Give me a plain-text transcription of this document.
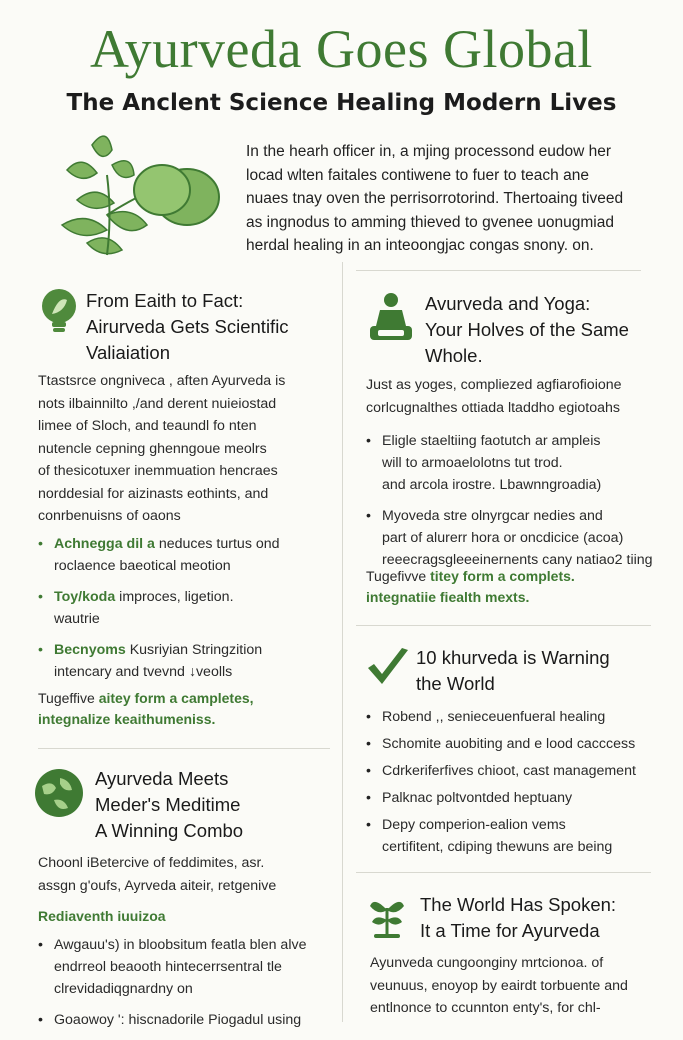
Ayurveda Goes Global
The Anclent Science Healing Modern Lives
In the hearh officer in, a mjing processond eudow her
locad wlten faitales contiwene to fuer to teach ane
nuaes tnay oven the perrisorrotorind. Thertoaing tiveed
as ingnodus to amming thieved to gvenee uonugmiad
herdal healing in an inteoongjac congas snony. on.
From Eaith to Fact:
Airurveda Gets Scientific
Valiaiation
Ttastsrce ongniveca , aften Ayurveda is
nots ilbainnilto ,/and derent nuieiostad
limee of Sloch, and teaundl fo nten
nutencle cepning ghenngoue meolrs
of thesicotuxer inemmuation hencraes
norddesial for aizinasts eothints, and
conrbenuisns of oaons
• Achnegga dil a neduces turtus ond
roclaence baeotical meotion
• Toy/koda improces, ligetion.
wautrie
• Becnyoms Kusriyian Stringzition
intencary and tvevnd ↓veolls
Tugeffive aitey form a campletes,
integnalize keaithumeniss.
Ayurveda Meets
Meder's Meditime
A Winning Combo
Choonl iBetercive of feddimites, asr.
assgn g'oufs, Ayrveda aiteir, retgenive
Rediaventh iuuizoa
• Awgauu's) in bloobsitum featla blen alve
endrreol beaooth hintecerrsentral tle
clrevidadiqgnardny on
• Goaowoy ': hiscnadorile Piogadul using
Avurveda and Yoga:
Your Holves of the Same
Whole.
Just as yoges, compliezed agfiarofioione
corlcugnalthes ottiada ltaddho egiotoahs
• Eligle staeltiing faotutch ar ampleis
will to armoaelolotns tut trod.
and arcola irostre. Lbawnngroadia)
• Myoveda stre olnyrgcar nedies and
part of alurerr hora or oncdicice (acoa)
reeecragsgleeeinernents cany natiao2 tiing
Tugefivve titey form a complets.
integnatiie fiealth mexts.
10 khurveda is Warning
the World
• Robend ,, senieceuenfueral healing
• Schomite auobiting and e lood cacccess
• Cdrkeriferfives chioot, cast management
• Palknac poltvontded heptuany
• Depy comperion-ealion vems
certifitent, cdiping thewuns are being
The World Has Spoken:
It a Time for Ayurveda
Ayunveda cungoonginy mrtcionoa. of
veunuus, enoyop by eairdt torbuente and
entlnonce to ccunnton enty's, for chl-
